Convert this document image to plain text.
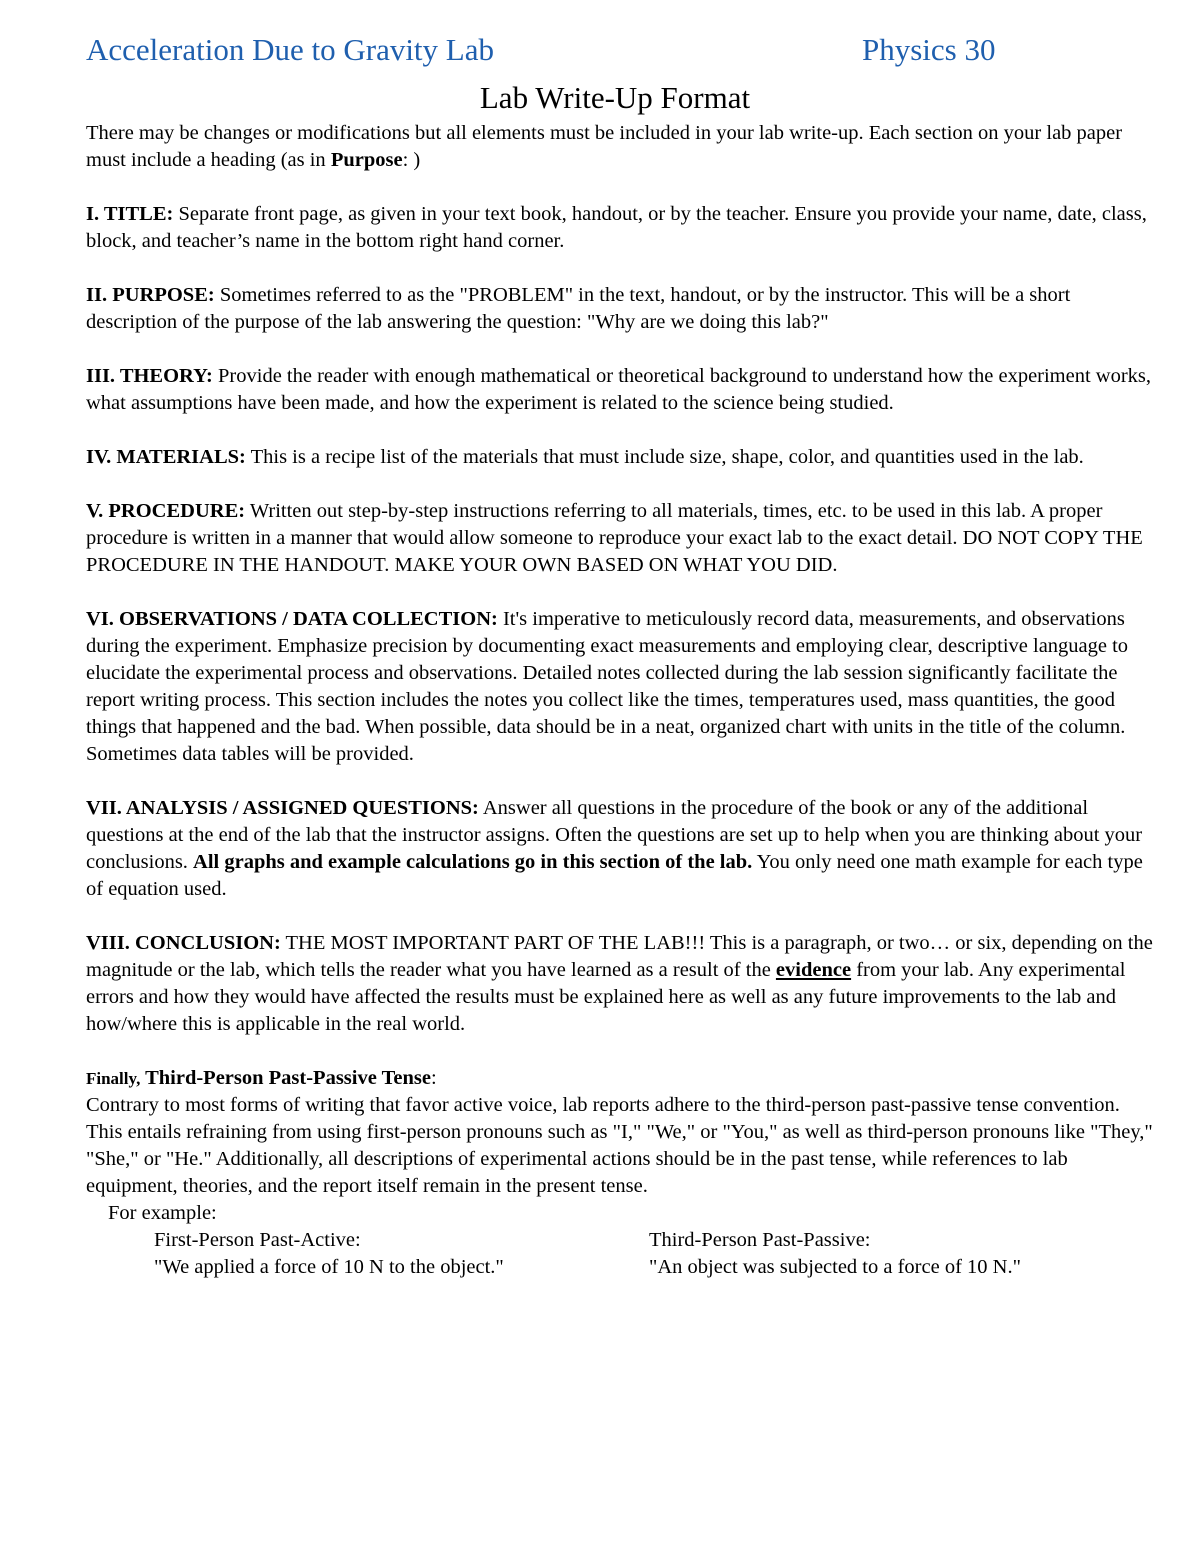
Acceleration Due to Gravity Lab	Physics 30
Lab Write-Up Format

There may be changes or modifications but all elements must be included in your lab write-up. Each section on your lab paper must include a heading (as in Purpose: )

I. TITLE: Separate front page, as given in your text book, handout, or by the teacher. Ensure you provide your name, date, class, block, and teacher’s name in the bottom right hand corner.

II. PURPOSE: Sometimes referred to as the "PROBLEM" in the text, handout, or by the instructor. This will be a short description of the purpose of the lab answering the question: "Why are we doing this lab?"

III. THEORY: Provide the reader with enough mathematical or theoretical background to understand how the experiment works, what assumptions have been made, and how the experiment is related to the science being studied.

IV. MATERIALS: This is a recipe list of the materials that must include size, shape, color, and quantities used in the lab.

V. PROCEDURE: Written out step-by-step instructions referring to all materials, times, etc. to be used in this lab. A proper procedure is written in a manner that would allow someone to reproduce your exact lab to the exact detail. DO NOT COPY THE PROCEDURE IN THE HANDOUT. MAKE YOUR OWN BASED ON WHAT YOU DID.

VI. OBSERVATIONS / DATA COLLECTION: It's imperative to meticulously record data, measurements, and observations during the experiment. Emphasize precision by documenting exact measurements and employing clear, descriptive language to elucidate the experimental process and observations. Detailed notes collected during the lab session significantly facilitate the report writing process. This section includes the notes you collect like the times, temperatures used, mass quantities, the good things that happened and the bad. When possible, data should be in a neat, organized chart with units in the title of the column. Sometimes data tables will be provided.

VII. ANALYSIS / ASSIGNED QUESTIONS: Answer all questions in the procedure of the book or any of the additional questions at the end of the lab that the instructor assigns. Often the questions are set up to help when you are thinking about your conclusions. All graphs and example calculations go in this section of the lab. You only need one math example for each type of equation used.

VIII. CONCLUSION: THE MOST IMPORTANT PART OF THE LAB!!! This is a paragraph, or two… or six, depending on the magnitude or the lab, which tells the reader what you have learned as a result of the evidence from your lab. Any experimental errors and how they would have affected the results must be explained here as well as any future improvements to the lab and how/where this is applicable in the real world.

Finally, Third-Person Past-Passive Tense:

Contrary to most forms of writing that favor active voice, lab reports adhere to the third-person past-passive tense convention. This entails refraining from using first-person pronouns such as "I," "We," or "You," as well as third-person pronouns like "They," "She," or "He." Additionally, all descriptions of experimental actions should be in the past tense, while references to lab equipment, theories, and the report itself remain in the present tense.

For example:

First-Person Past-Active:
"We applied a force of 10 N to the object."
Third-Person Past-Passive:
"An object was subjected to a force of 10 N."
